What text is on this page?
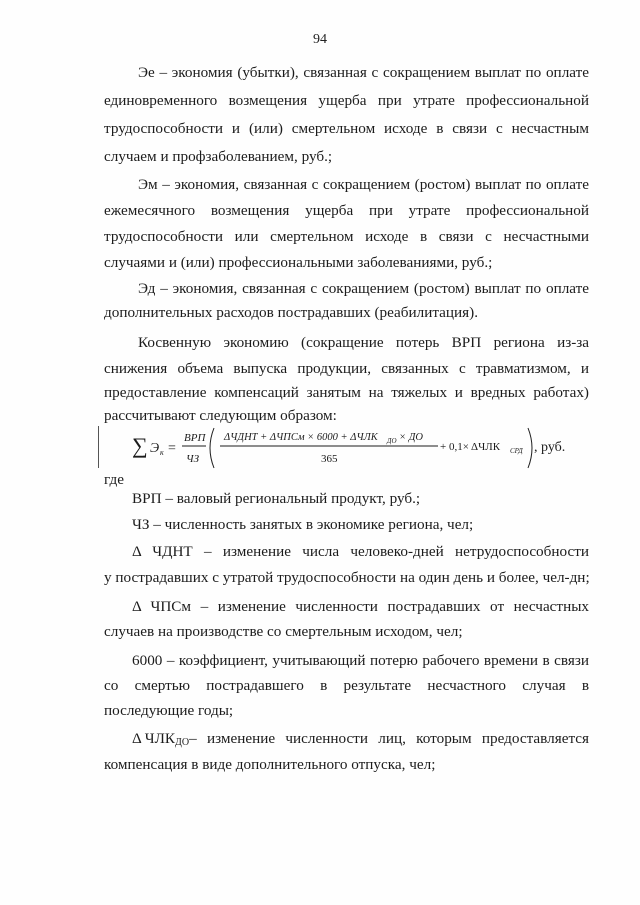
94
Эе – экономия (убытки), связанная с сокращением выплат по оплате
единовременного возмещения ущерба при утрате профессиональной
трудоспособности и (или) смертельном исходе в связи с несчастным
случаем и профзаболеванием, руб.;
Эм – экономия, связанная с сокращением (ростом) выплат по оплате
ежемесячного возмещения ущерба при утрате профессиональной
трудоспособности или смертельном исходе в связи с несчастными
случаями и (или) профессиональными заболеваниями, руб.;
Эд – экономия, связанная с сокращением (ростом) выплат по оплате
дополнительных расходов пострадавших (реабилитация).
Косвенную экономию (сокращение потерь ВРП региона из-за
снижения объема выпуска продукции, связанных с травматизмом, и
предоставление компенсаций занятым на тяжелых и вредных работах)
рассчитывают следующим образом:
∑ Э к =
ВРП
ЧЗ
ΔЧДНТ + ΔЧПСм × 6000 + ΔЧЛК ДО × ДО
365
+ 0,1× ΔЧЛК СРД , руб.
где
ВРП – валовый региональный продукт, руб.;
ЧЗ – численность занятых в экономике региона, чел;
Δ ЧДНТ – изменение числа человеко-дней нетрудоспособности
у пострадавших с утратой трудоспособности на один день и более, чел-дн;
Δ ЧПСм – изменение численности пострадавших от несчастных
случаев на производстве со смертельным исходом, чел;
6000 – коэффициент, учитывающий потерю рабочего времени в связи
со смертью пострадавшего в результате несчастного случая в
последующие годы;
Δ ЧЛК ДО – изменение численности лиц, которым предоставляется
компенсация в виде дополнительного отпуска, чел;
